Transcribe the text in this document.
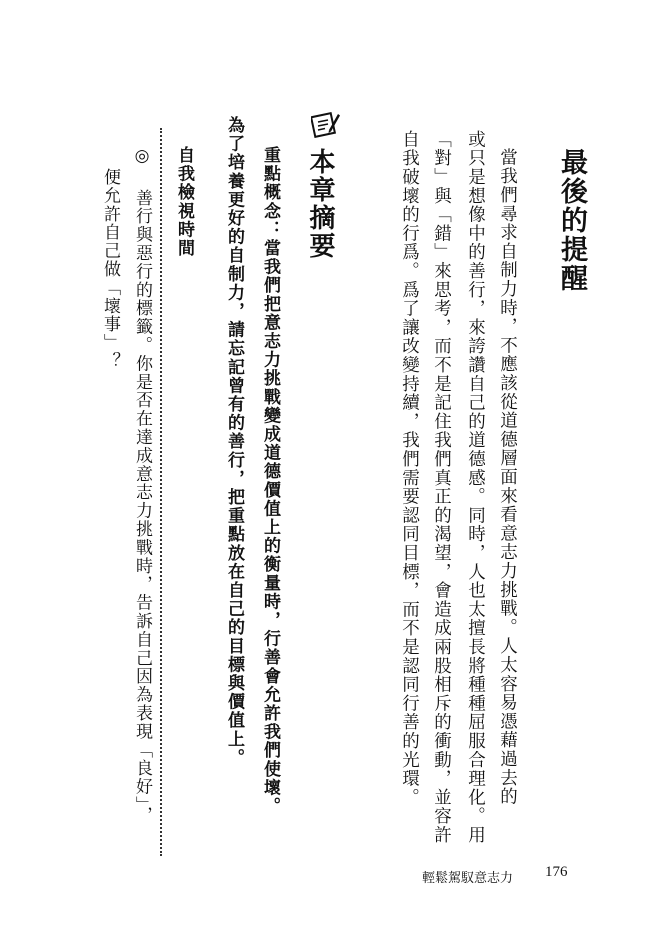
最後的提醒

當我們尋求自制力時，不應該從道德層面來看意志力挑戰。人太容易憑藉過去的

或只是想像中的善行，來誇讚自己的道德感。同時，人也太擅長將種種屈服合理化。用

「對」與「錯」來思考，而不是記住我們真正的渴望，會造成兩股相斥的衝動，並容許

自我破壞的行爲。爲了讓改變持續，我們需要認同目標，而不是認同行善的光環。

本章摘要

重點概念：當我們把意志力挑戰變成道德價值上的衡量時，行善會允許我們使壞。

為了培養更好的自制力，請忘記曾有的善行，把重點放在自己的目標與價值上。

自我檢視時間

◎ 善行與惡行的標籤。你是否在達成意志力挑戰時，告訴自己因為表現「良好」，

便允許自己做「壞事」？

輕鬆駕馭意志力 176
